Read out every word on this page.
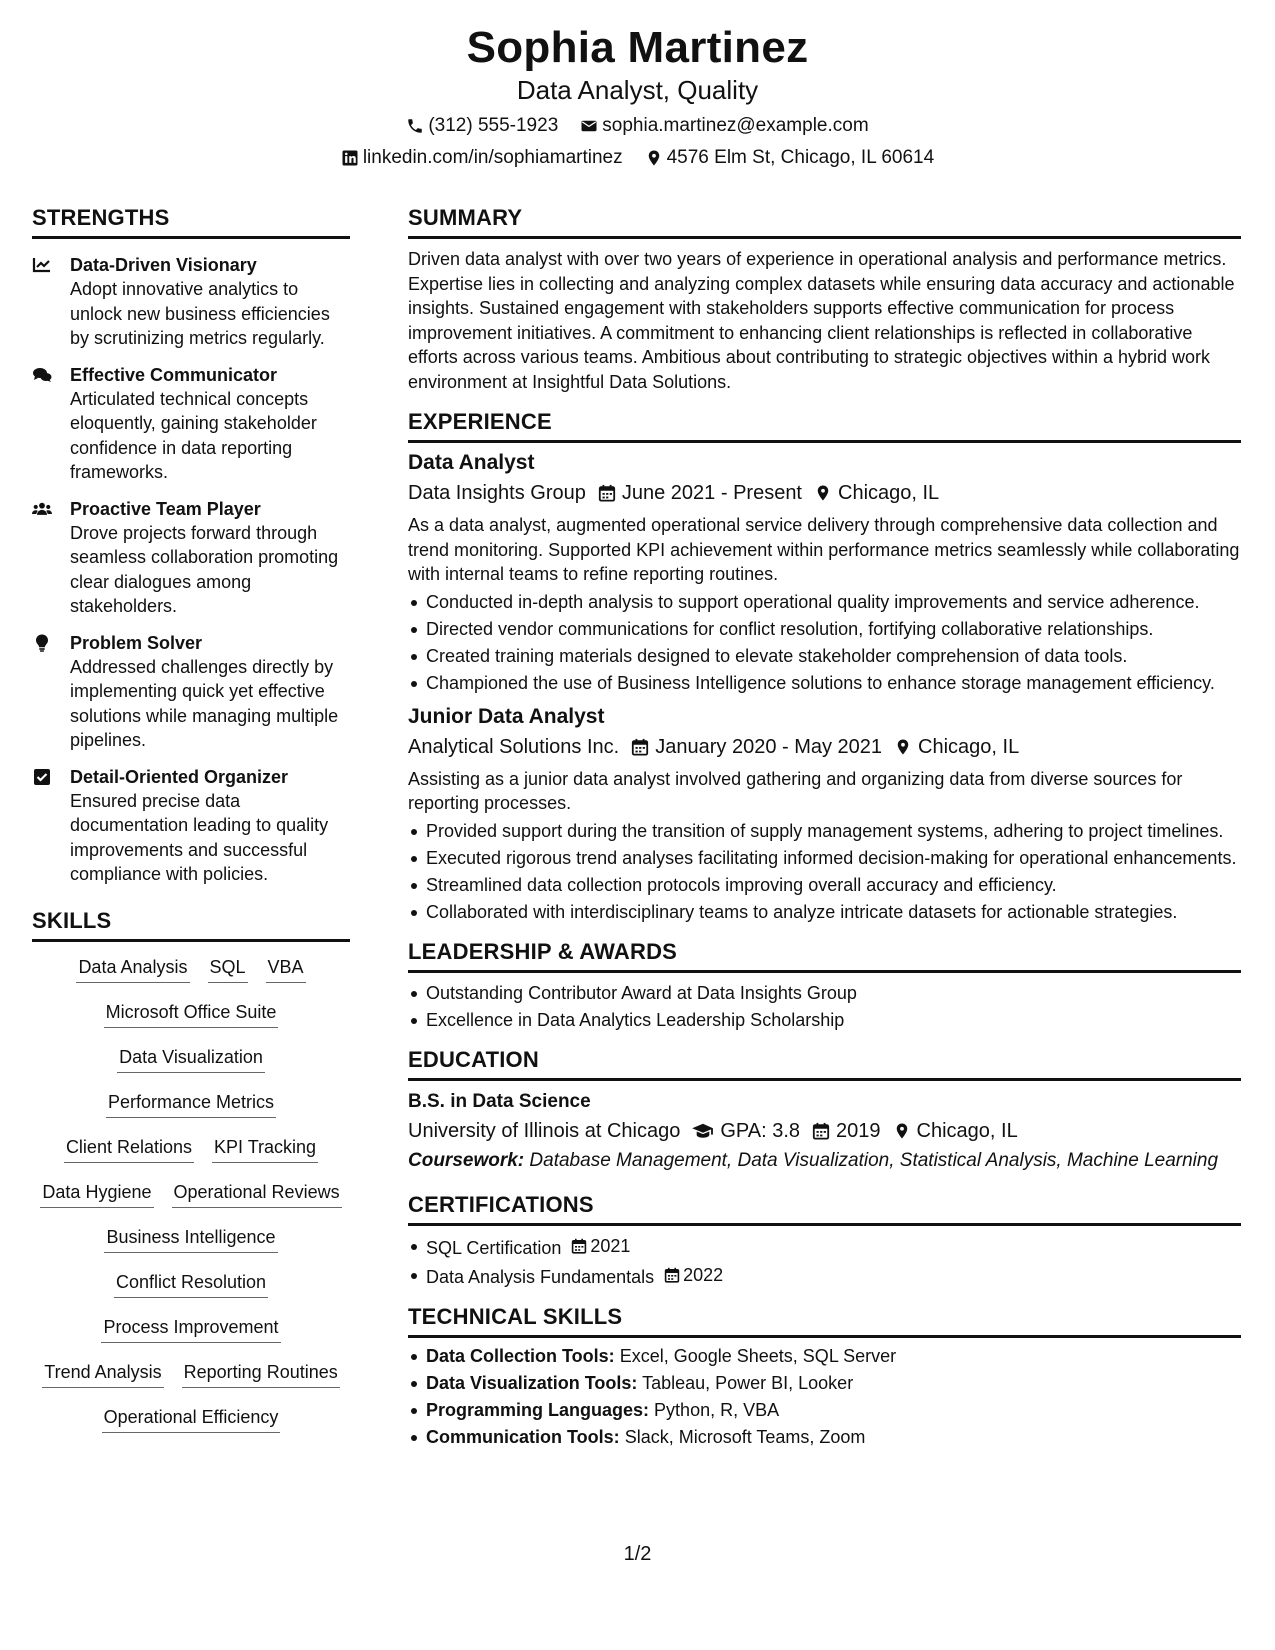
Sophia Martinez
Data Analyst, Quality
(312) 555-1923 sophia.martinez@example.com
linkedin.com/in/sophiamartinez 4576 Elm St, Chicago, IL 60614
STRENGTHS
Data-Driven Visionary
Adopt innovative analytics to unlock new business efficiencies by scrutinizing metrics regularly.
Effective Communicator
Articulated technical concepts eloquently, gaining stakeholder confidence in data reporting frameworks.
Proactive Team Player
Drove projects forward through seamless collaboration promoting clear dialogues among stakeholders.
Problem Solver
Addressed challenges directly by implementing quick yet effective solutions while managing multiple pipelines.
Detail-Oriented Organizer
Ensured precise data documentation leading to quality improvements and successful compliance with policies.
SKILLS
Data Analysis SQL VBA
Microsoft Office Suite
Data Visualization
Performance Metrics
Client Relations KPI Tracking
Data Hygiene Operational Reviews
Business Intelligence
Conflict Resolution
Process Improvement
Trend Analysis Reporting Routines
Operational Efficiency
SUMMARY
Driven data analyst with over two years of experience in operational analysis and performance metrics. Expertise lies in collecting and analyzing complex datasets while ensuring data accuracy and actionable insights. Sustained engagement with stakeholders supports effective communication for process improvement initiatives. A commitment to enhancing client relationships is reflected in collaborative efforts across various teams. Ambitious about contributing to strategic objectives within a hybrid work environment at Insightful Data Solutions.
EXPERIENCE
Data Analyst
Data Insights Group June 2021 - Present Chicago, IL
As a data analyst, augmented operational service delivery through comprehensive data collection and trend monitoring. Supported KPI achievement within performance metrics seamlessly while collaborating with internal teams to refine reporting routines.
Conducted in-depth analysis to support operational quality improvements and service adherence.
Directed vendor communications for conflict resolution, fortifying collaborative relationships.
Created training materials designed to elevate stakeholder comprehension of data tools.
Championed the use of Business Intelligence solutions to enhance storage management efficiency.
Junior Data Analyst
Analytical Solutions Inc. January 2020 - May 2021 Chicago, IL
Assisting as a junior data analyst involved gathering and organizing data from diverse sources for reporting processes.
Provided support during the transition of supply management systems, adhering to project timelines.
Executed rigorous trend analyses facilitating informed decision-making for operational enhancements.
Streamlined data collection protocols improving overall accuracy and efficiency.
Collaborated with interdisciplinary teams to analyze intricate datasets for actionable strategies.
LEADERSHIP & AWARDS
Outstanding Contributor Award at Data Insights Group
Excellence in Data Analytics Leadership Scholarship
EDUCATION
B.S. in Data Science
University of Illinois at Chicago GPA: 3.8 2019 Chicago, IL
Coursework: Database Management, Data Visualization, Statistical Analysis, Machine Learning
CERTIFICATIONS
SQL Certification 2021
Data Analysis Fundamentals 2022
TECHNICAL SKILLS
Data Collection Tools: Excel, Google Sheets, SQL Server
Data Visualization Tools: Tableau, Power BI, Looker
Programming Languages: Python, R, VBA
Communication Tools: Slack, Microsoft Teams, Zoom
1/2
